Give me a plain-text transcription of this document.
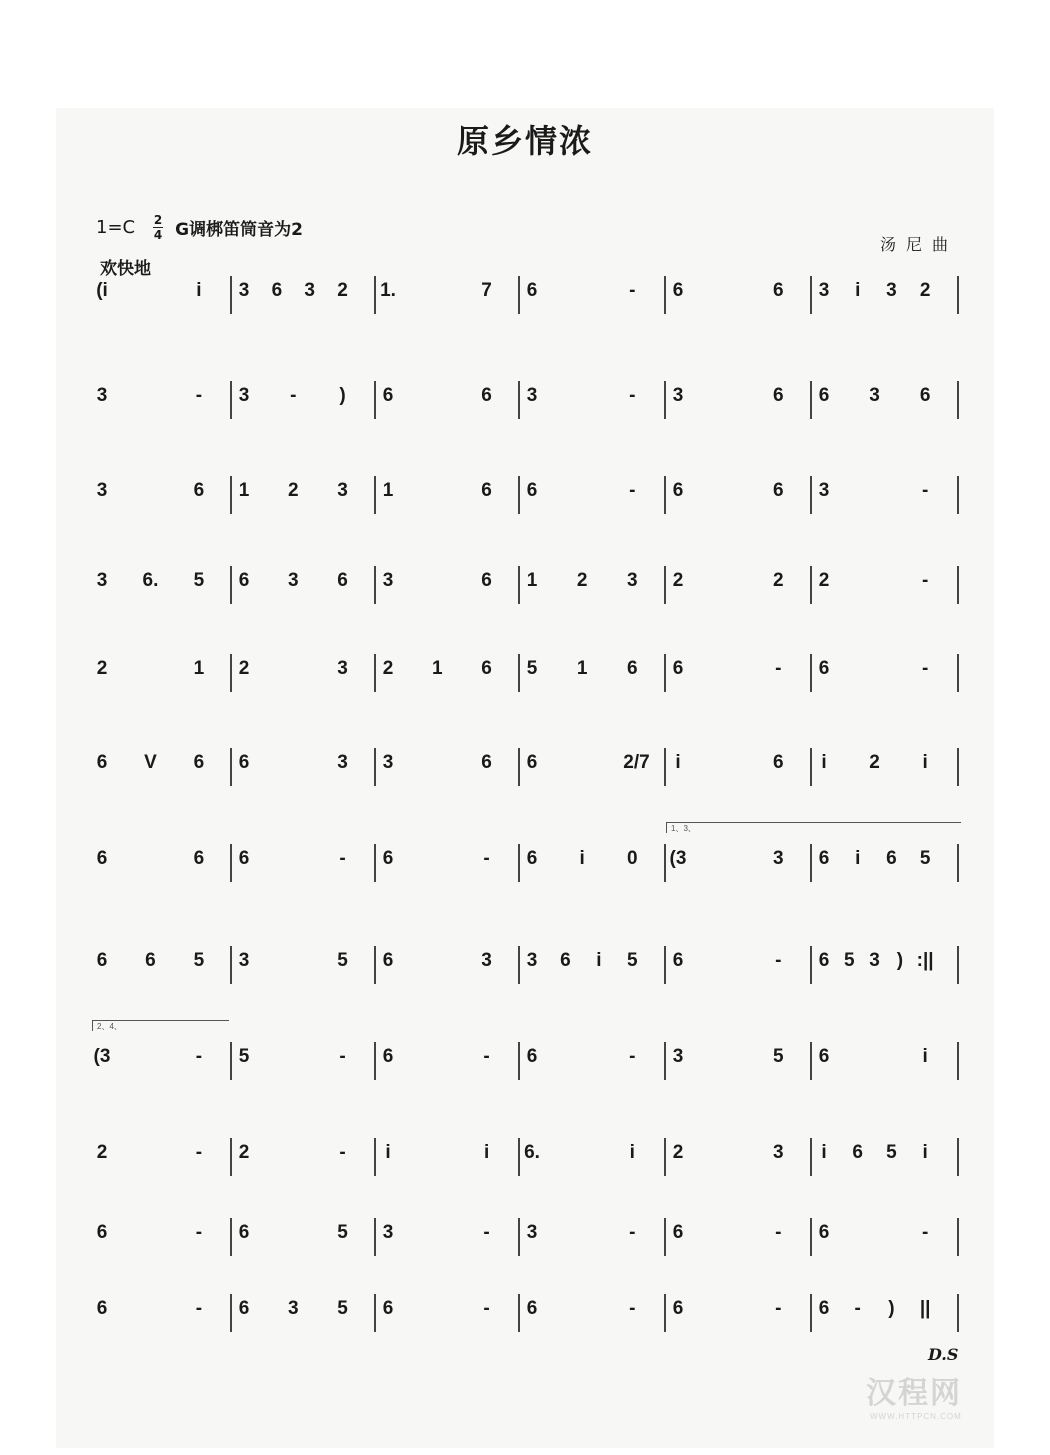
原乡情浓
$1=C \frac{2}{4}$ G调梆笛筒音为2
欢快地
汤尼曲
(i	i	3 6 3 2 1.	7 6	-	6	6 3	i	3 2
3	-	3	-	)	6	6 3	-	3	6 6 3 6
3	6 1 2 3 1	6 6	-	6	6 3	-
3 6. 5 6 3 6 3	6 1 2 3 2	2 2	-
2	1 2	3 2 1 6 5 1 6 6	-	6	-
6 V 6 6	3 3	6 6	2/7	i	6	i	2	i
6	6 6	-	6	-	6	i	0 (3	3 6	i	6 5
6 6 5 3	5 6	3 3 6	i	5 6	-	6 5 3 ) :||
(3	-	5	-	6	-	6	-	3	5 6	i
2	-	2	-	i	i	6.	i	2	3	i	6 5	i
6	-	6	5 3	-	3	-	6	-	6	-
6	-	6 3 5 6	-	6	-	6	-	6	-	)	||
D.S
汉程网
WWW.HTTPCN.COM
1、3、
2、4、
